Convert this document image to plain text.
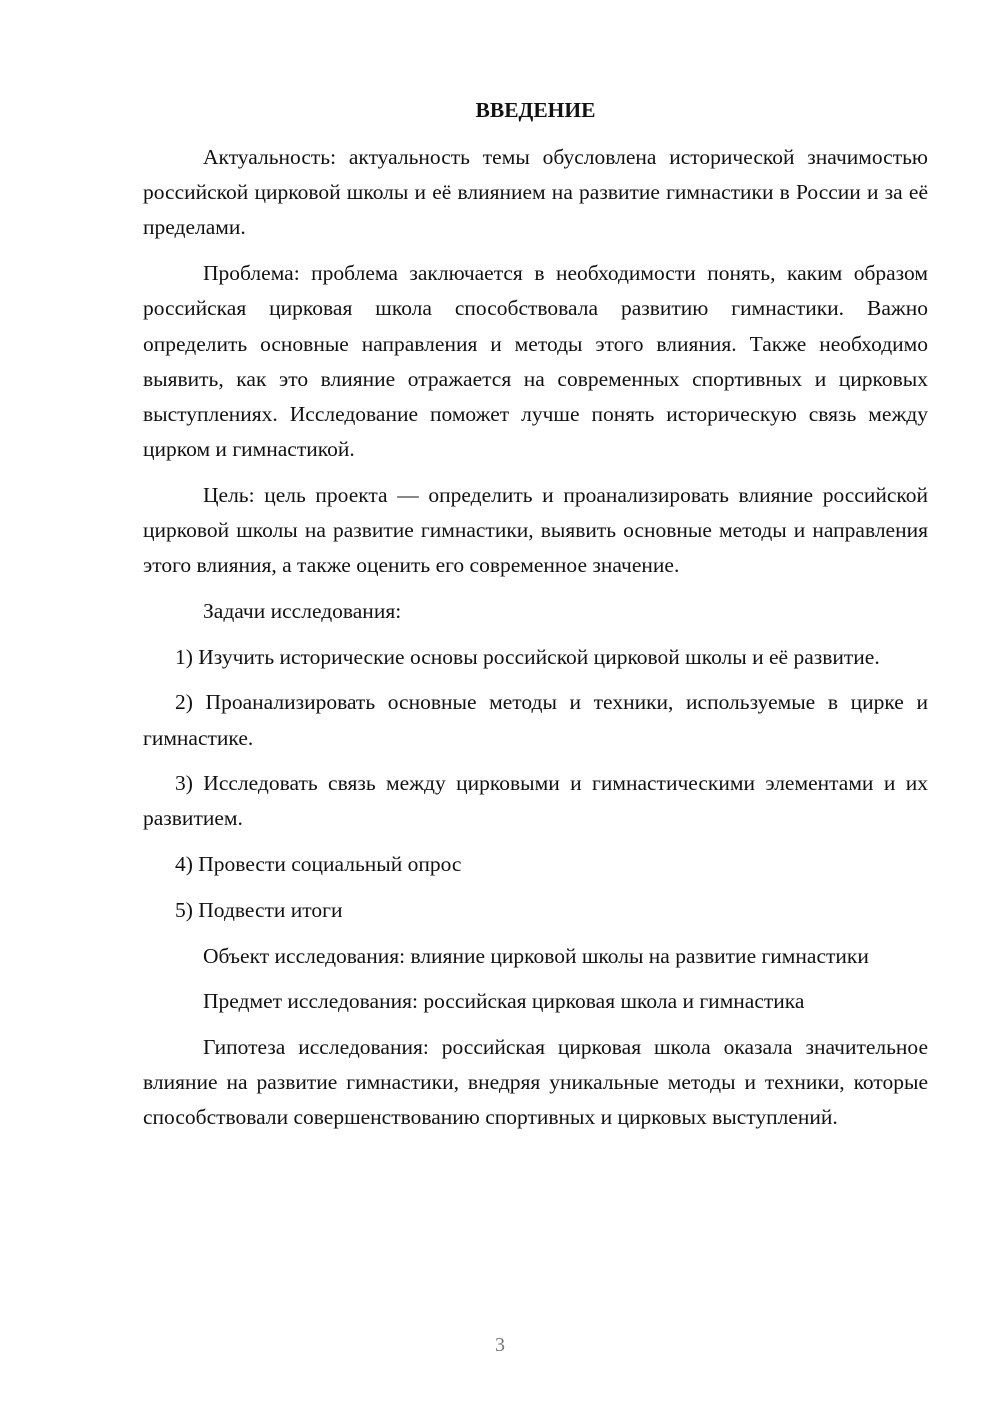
ВВЕДЕНИЕ

Актуальность: актуальность темы обусловлена исторической значимостью российской цирковой школы и её влиянием на развитие гимнастики в России и за её пределами.

Проблема: проблема заключается в необходимости понять, каким образом российская цирковая школа способствовала развитию гимнастики. Важно определить основные направления и методы этого влияния. Также необходимо выявить, как это влияние отражается на современных спортивных и цирковых выступлениях. Исследование поможет лучше понять историческую связь между цирком и гимнастикой.

Цель: цель проекта — определить и проанализировать влияние российской цирковой школы на развитие гимнастики, выявить основные методы и направления этого влияния, а также оценить его современное значение.

Задачи исследования:

1) Изучить исторические основы российской цирковой школы и её развитие.

2) Проанализировать основные методы и техники, используемые в цирке и гимнастике.

3) Исследовать связь между цирковыми и гимнастическими элементами и их развитием.

4) Провести социальный опрос

5) Подвести итоги

Объект исследования: влияние цирковой школы на развитие гимнастики

Предмет исследования: российская цирковая школа и гимнастика

Гипотеза исследования: российская цирковая школа оказала значительное влияние на развитие гимнастики, внедряя уникальные методы и техники, которые способствовали совершенствованию спортивных и цирковых выступлений.

3
